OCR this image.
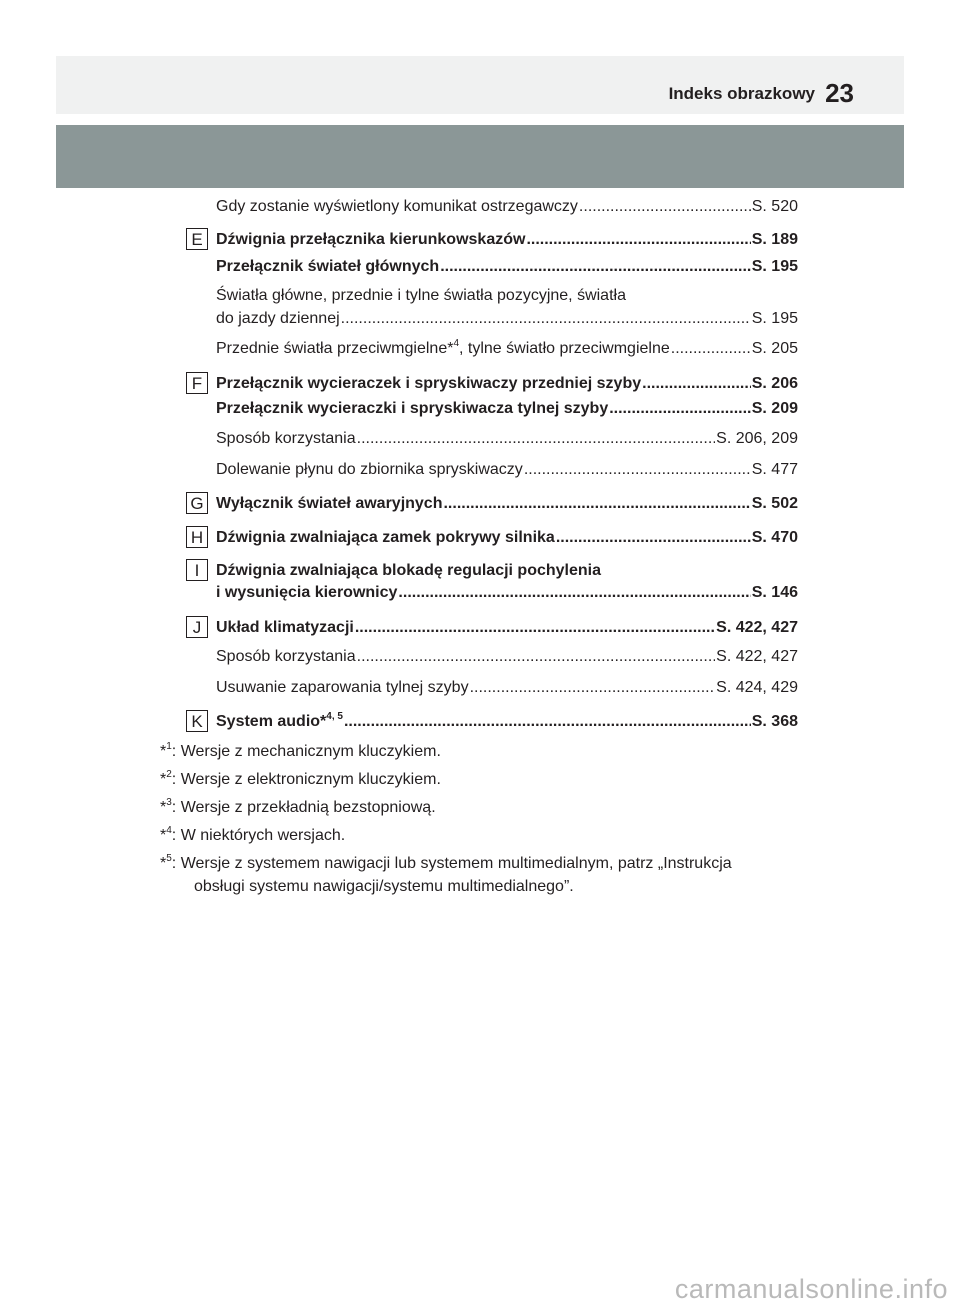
Indeks obrazkowy 23
Gdy zostanie wyświetlony komunikat ostrzegawczy .....	S. 520
E Dźwignia przełącznika kierunkowskazów .....	S. 189
Przełącznik świateł głównych .....	S. 195
Światła główne, przednie i tylne światła pozycyjne, światła
do jazdy dziennej .....	S. 195
Przednie światła przeciwmgielne*$^4$, tylne światło przeciwmgielne .....	S. 205
F Przełącznik wycieraczek i spryskiwaczy przedniej szyby .....	S. 206
Przełącznik wycieraczki i spryskiwacza tylnej szyby .....	S. 209
Sposób korzystania .....	S. 206, 209
Dolewanie płynu do zbiornika spryskiwaczy .....	S. 477
G Wyłącznik świateł awaryjnych .....	S. 502
H Dźwignia zwalniająca zamek pokrywy silnika .....	S. 470
I	Dźwignia zwalniająca blokadę regulacji pochylenia
i wysunięcia kierownicy .....	S. 146
J Układ klimatyzacji .....	S. 422, 427
Sposób korzystania .....	S. 422, 427
Usuwanie zaparowania tylnej szyby .....	S. 424, 429
K System audio*$^{4, 5}$ .....	S. 368
*$^1$: Wersje z mechanicznym kluczykiem.
*$^2$: Wersje z elektronicznym kluczykiem.
*$^3$: Wersje z przekładnią bezstopniową.
*$^4$: W niektórych wersjach.
*$^5$: Wersje z systemem nawigacji lub systemem multimedialnym, patrz „Instrukcja
obsługi systemu nawigacji/systemu multimedialnego”.
carmanualsonline.info
